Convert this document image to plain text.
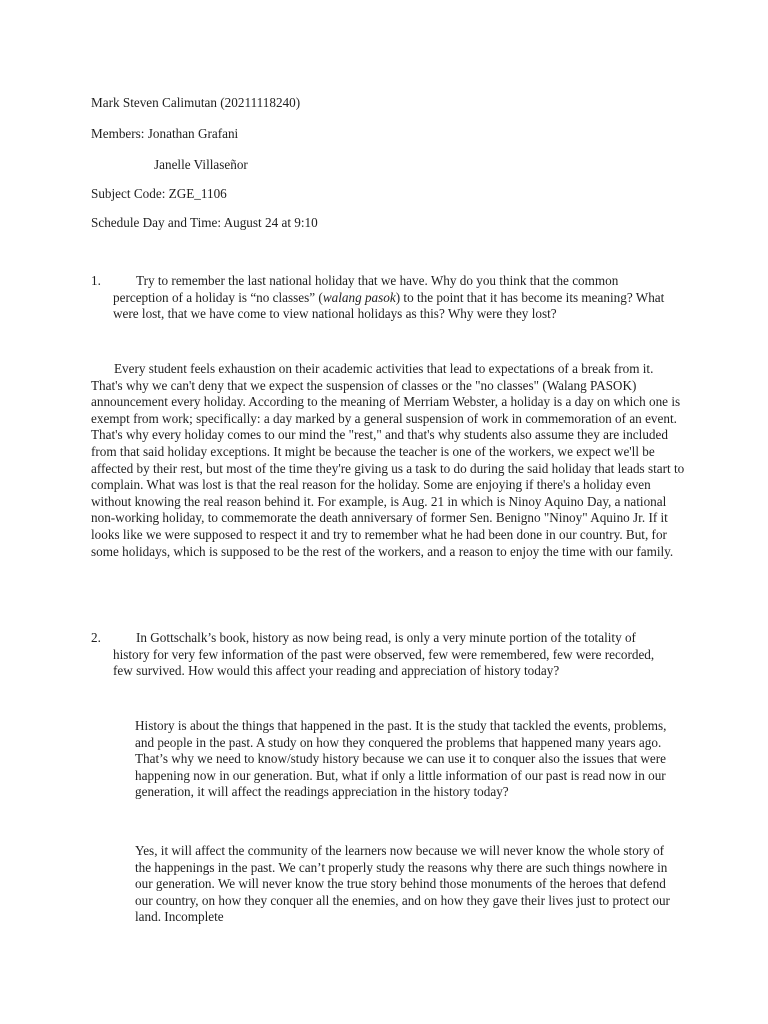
Mark Steven Calimutan (20211118240)
Members: Jonathan Grafani
Janelle Villaseñor
Subject Code: ZGE_1106
Schedule Day and Time: August 24 at 9:10
1.	Try to remember the last national holiday that we have. Why do you think that the common perception of a holiday is “no classes” (walang pasok) to the point that it has become its meaning? What were lost, that we have come to view national holidays as this? Why were they lost?

Every student feels exhaustion on their academic activities that lead to expectations of a break from it. That's why we can't deny that we expect the suspension of classes or the "no classes" (Walang PASOK) announcement every holiday. According to the meaning of Merriam Webster, a holiday is a day on which one is exempt from work; specifically: a day marked by a general suspension of work in commemoration of an event. That's why every holiday comes to our mind the "rest," and that's why students also assume they are included from that said holiday exceptions. It might be because the teacher is one of the workers, we expect we'll be affected by their rest, but most of the time they're giving us a task to do during the said holiday that leads start to complain. What was lost is that the real reason for the holiday. Some are enjoying if there's a holiday even without knowing the real reason behind it. For example, is Aug. 21 in which is Ninoy Aquino Day, a national non-working holiday, to commemorate the death anniversary of former Sen. Benigno "Ninoy" Aquino Jr. If it looks like we were supposed to respect it and try to remember what he had been done in our country. But, for some holidays, which is supposed to be the rest of the workers, and a reason to enjoy the time with our family.

2.	In Gottschalk’s book, history as now being read, is only a very minute portion of the totality of history for very few information of the past were observed, few were remembered, few were recorded, few survived. How would this affect your reading and appreciation of history today?

History is about the things that happened in the past. It is the study that tackled the events, problems, and people in the past. A study on how they conquered the problems that happened many years ago. That’s why we need to know/study history because we can use it to conquer also the issues that were happening now in our generation. But, what if only a little information of our past is read now in our generation, it will affect the readings appreciation in the history today?

Yes, it will affect the community of the learners now because we will never know the whole story of the happenings in the past. We can’t properly study the reasons why there are such things nowhere in our generation. We will never know the true story behind those monuments of the heroes that defend our country, on how they conquer all the enemies, and on how they gave their lives just to protect our land. Incomplete
